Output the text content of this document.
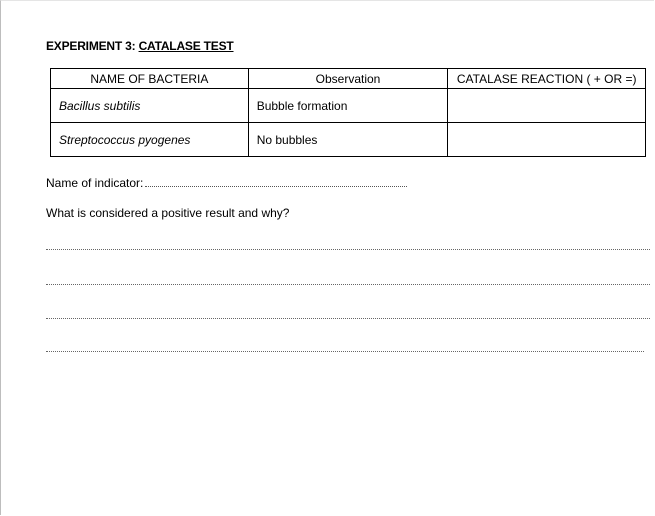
EXPERIMENT 3: CATALASE TEST
NAME OF BACTERIA	Observation	CATALASE REACTION ( + OR =)
Bacillus subtilis	Bubble formation	
Streptococcus pyogenes	No bubbles	
Name of indicator:
What is considered a positive result and why?
